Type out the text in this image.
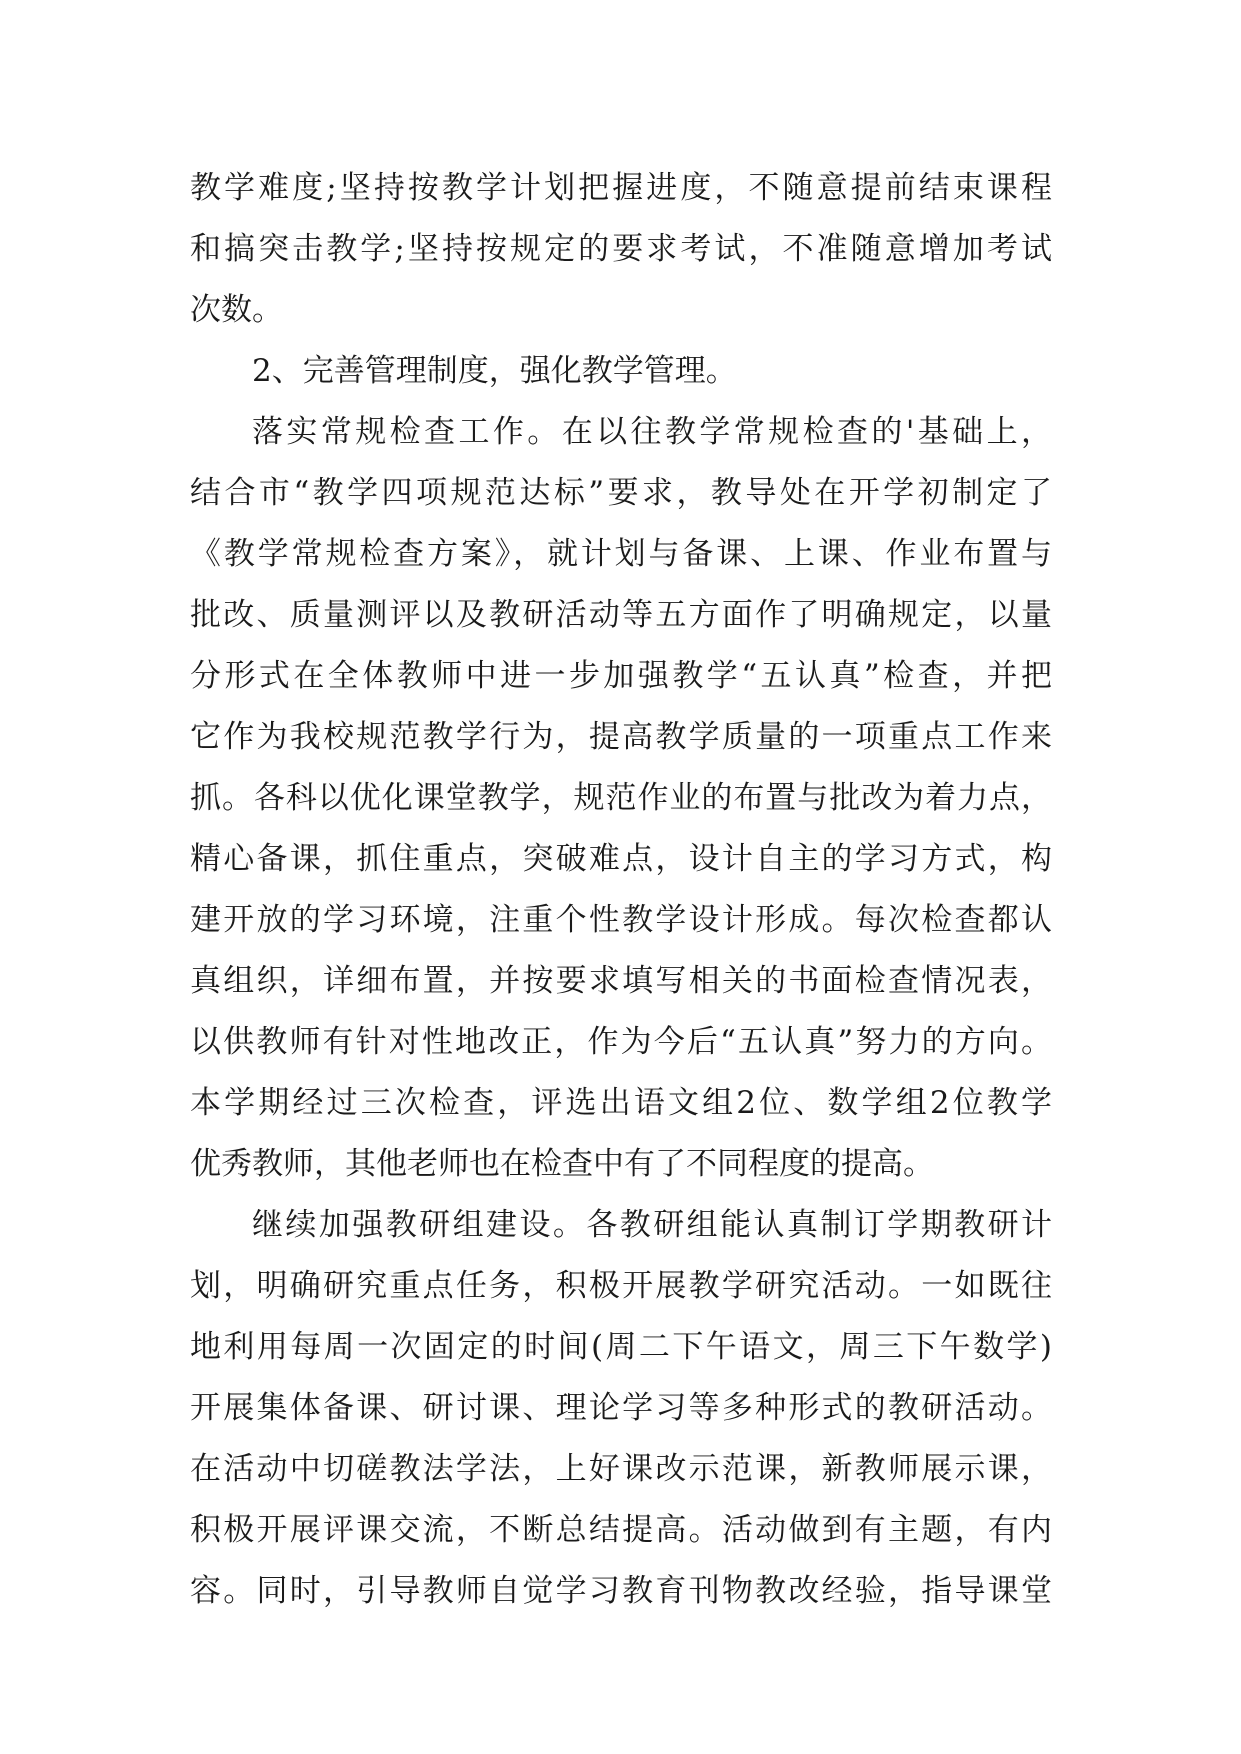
教学难度;坚持按教学计划把握进度，不随意提前结束课程
和搞突击教学;坚持按规定的要求考试，不准随意增加考试
次数。
2、完善管理制度，强化教学管理。
落实常规检查工作。在以往教学常规检查的'基础上，
结合市“教学四项规范达标”要求，教导处在开学初制定了
《教学常规检查方案》，就计划与备课、上课、作业布置与
批改、质量测评以及教研活动等五方面作了明确规定，以量
分形式在全体教师中进一步加强教学“五认真”检查，并把
它作为我校规范教学行为，提高教学质量的一项重点工作来
抓。各科以优化课堂教学，规范作业的布置与批改为着力点，
精心备课，抓住重点，突破难点，设计自主的学习方式，构
建开放的学习环境，注重个性教学设计形成。每次检查都认
真组织，详细布置，并按要求填写相关的书面检查情况表，
以供教师有针对性地改正，作为今后“五认真”努力的方向。
本学期经过三次检查，评选出语文组2位、数学组2位教学
优秀教师，其他老师也在检查中有了不同程度的提高。
继续加强教研组建设。各教研组能认真制订学期教研计
划，明确研究重点任务，积极开展教学研究活动。一如既往
地利用每周一次固定的时间(周二下午语文，周三下午数学)
开展集体备课、研讨课、理论学习等多种形式的教研活动。
在活动中切磋教法学法，上好课改示范课，新教师展示课，
积极开展评课交流，不断总结提高。活动做到有主题，有内
容。同时，引导教师自觉学习教育刊物教改经验，指导课堂
